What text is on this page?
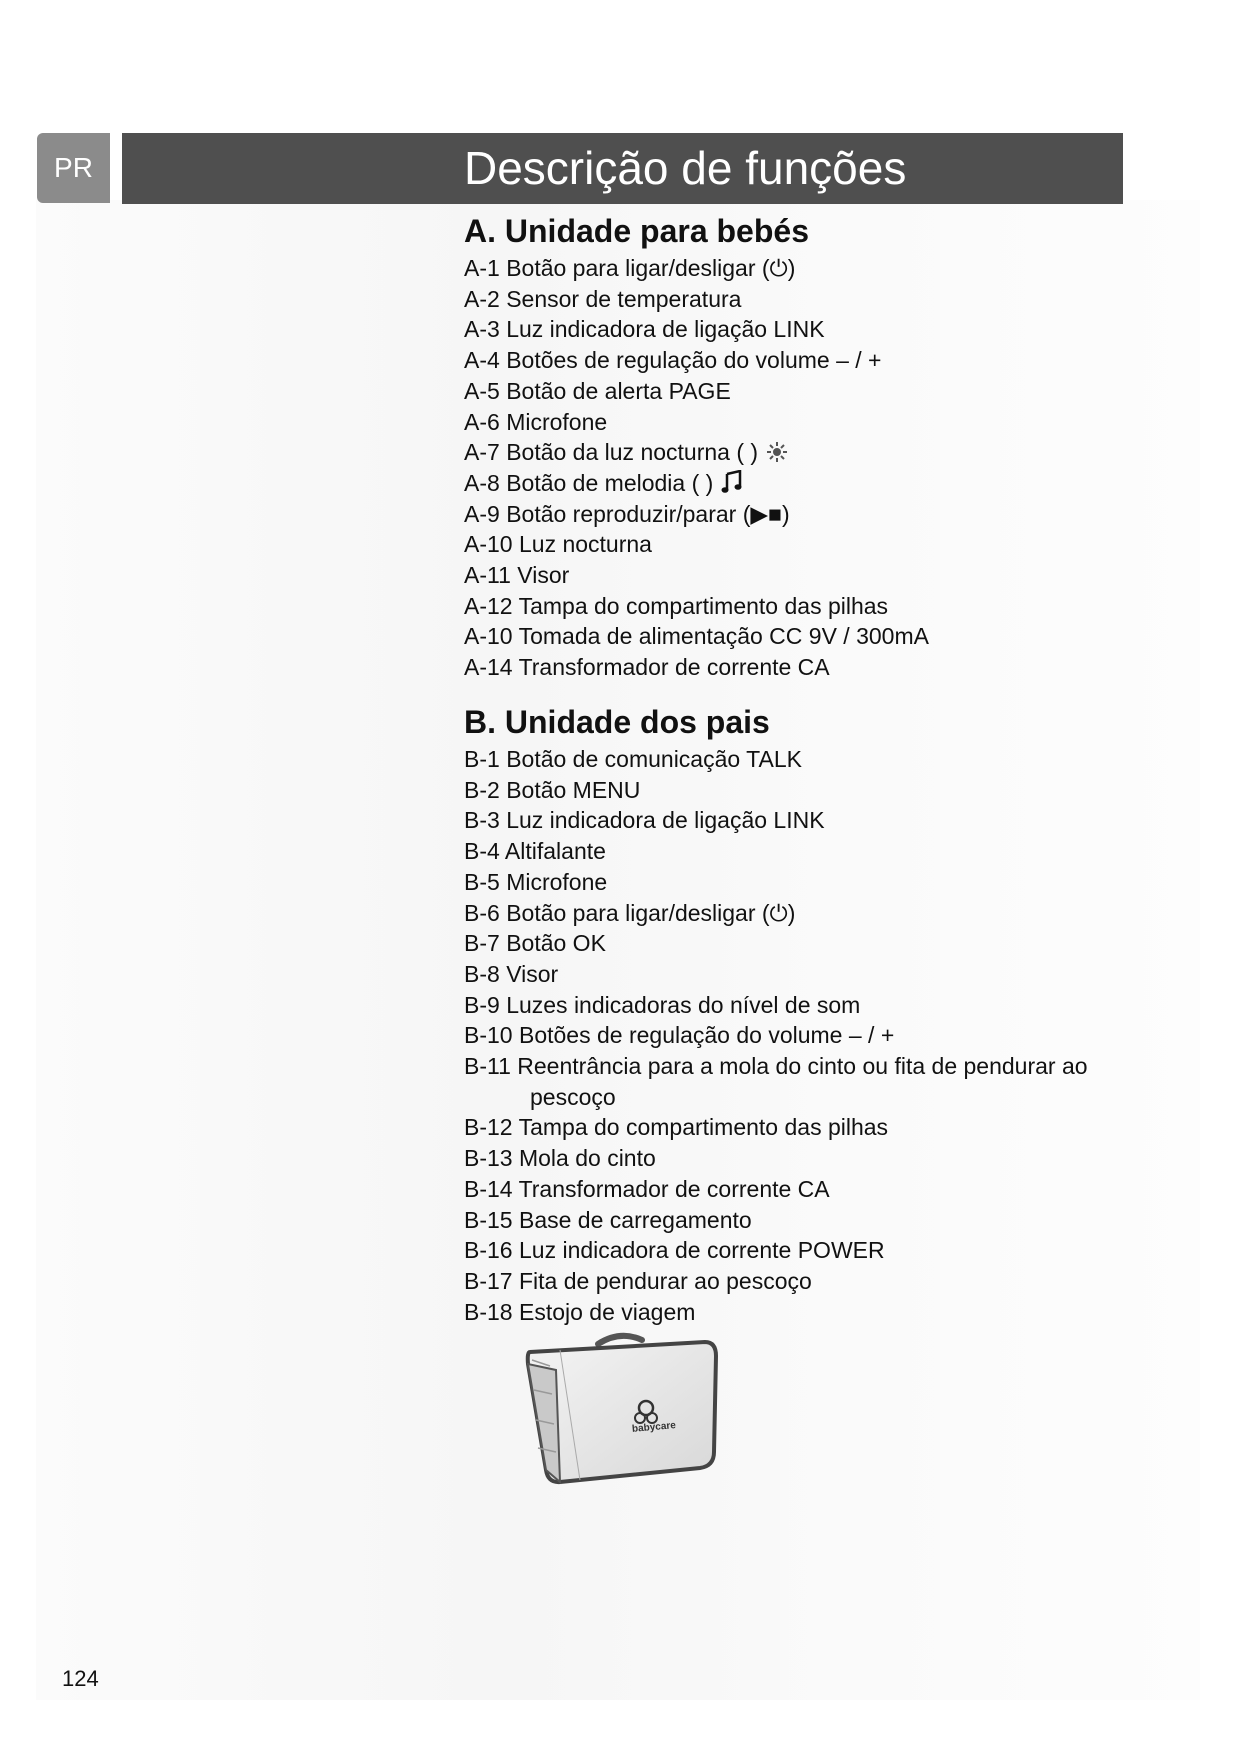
PR	Descrição de funções
A. Unidade para bebés
A-1 Botão para ligar/desligar (⏻)
A-2 Sensor de temperatura
A-3 Luz indicadora de ligação LINK
A-4 Botões de regulação do volume – / +
A-5 Botão de alerta PAGE
A-6 Microfone
A-7 Botão da luz nocturna ( )
A-8 Botão de melodia ( )
A-9 Botão reproduzir/parar (▶■)
A-10 Luz nocturna
A-11 Visor
A-12 Tampa do compartimento das pilhas
A-10 Tomada de alimentação CC 9V / 300mA
A-14 Transformador de corrente CA
B. Unidade dos pais
B-1 Botão de comunicação TALK
B-2 Botão MENU
B-3 Luz indicadora de ligação LINK
B-4 Altifalante
B-5 Microfone
B-6 Botão para ligar/desligar (⏻)
B-7 Botão OK
B-8 Visor
B-9 Luzes indicadoras do nível de som
B-10 Botões de regulação do volume – / +
B-11 Reentrância para a mola do cinto ou fita de pendurar ao pescoço
B-12 Tampa do compartimento das pilhas
B-13 Mola do cinto
B-14 Transformador de corrente CA
B-15 Base de carregamento
B-16 Luz indicadora de corrente POWER
B-17 Fita de pendurar ao pescoço
B-18 Estojo de viagem
babycare
124
